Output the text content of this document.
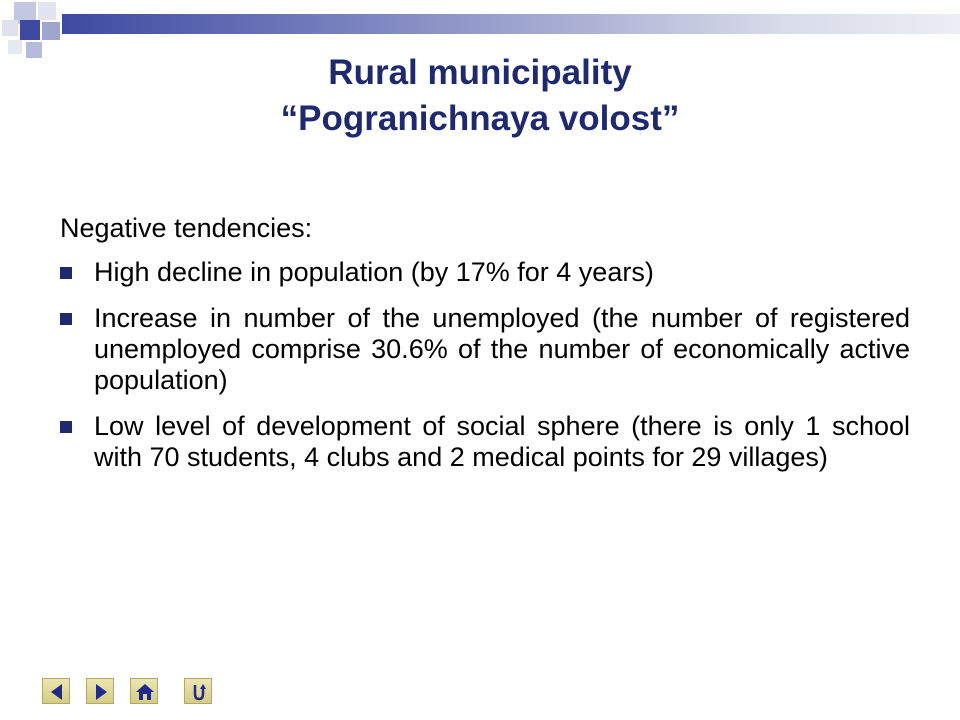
Rural municipality
“Pogranichnaya volost”

Negative tendencies:

High decline in population (by 17% for 4 years)
Increase in number of the unemployed (the number of registered unemployed comprise 30.6% of the number of economically active population)
Low level of development of social sphere (there is only 1 school with 70 students, 4 clubs and 2 medical points for 29 villages)
